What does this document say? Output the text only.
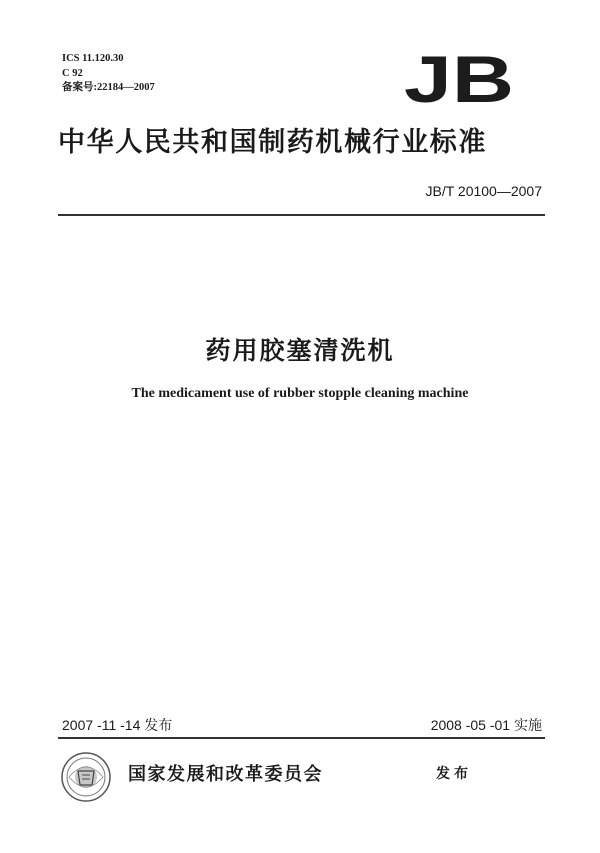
ICS 11.120.30
C 92
备案号:22184—2007	JB
中华人民共和国制药机械行业标准
JB/T 20100—2007
药用胶塞清洗机
The medicament use of rubber stopple cleaning machine
2007 -11 -14 发布	2008 -05 -01 实施
国家发展和改革委员会	发布
